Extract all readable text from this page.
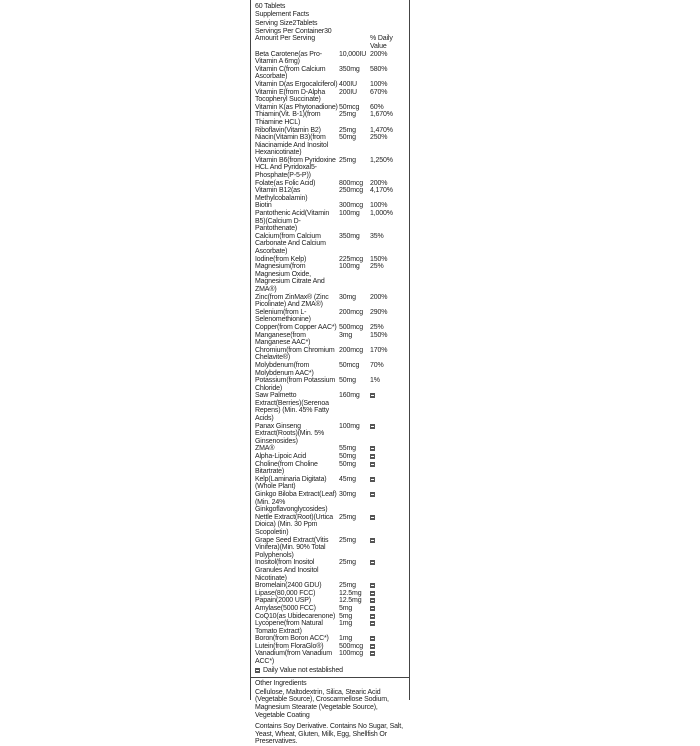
60 Tablets
Supplement Facts
Serving Size2Tablets
Servings Per Container30
Amount Per Serving	% Daily Value
Beta Carotene(as Pro-Vitamin A 6mg)
10,000IU 200%
Vitamin C(from Calcium Ascorbate)
350mg	580%
Vitamin D(as Ergocalciferol) 400IU	100%
Vitamin E(from D-Alpha Tocopheryl Succinate)
200IU	670%
Vitamin K(as Phytonadione) 50mcg	60%
Thiamin(Vit. B-1)(from Thiamine HCL)
25mg	1,670%
Riboflavin(Vitamin B2)	25mg	1,470%
Niacin(Vitamin B3)(from Niacinamide And Inositol Hexanicotinate)
50mg	250%
Vitamin B6(from Pyridoxine HCL And Pyridoxal5-Phosphate(P-5-P))
25mg	1,250%
Folate(as Folic Acid)	800mcg 200%
Vitamin B12(as Methylcobalamin)
250mcg 4,170%
Biotin	300mcg 100%
Pantothenic Acid(Vitamin B5)(Calcium D-Pantothenate)
100mg	1,000%
Calcium(from Calcium Carbonate And Calcium Ascorbate)
350mg	35%
Iodine(from Kelp)	225mcg 150%
Magnesium(from Magnesium Oxide, Magnesium Citrate And ZMA®)
100mg	25%
Zinc(from ZinMax® (Zinc Picolinate) And ZMA®)
30mg	200%
Selenium(from L-Selenomethionine)
200mcg 290%
Copper(from Copper AAC*) 500mcg 25%
Manganese(from Manganese AAC*)
3mg	150%
Chromium(from Chromium Chelavite®)
200mcg 170%
Molybdenum(from Molybdenum AAC*)
50mcg	70%
Potassium(from Potassium Chloride)
50mg	1%
Saw Palmetto Extract(Berries)(Serenoa Repens) (Min. 45% Fatty Acids)
160mg
Panax Ginseng Extract(Roots)(Min. 5% Ginsenosides)
100mg
ZMA®	55mg
Alpha-Lipoic Acid	50mg
Choline(from Choline Bitartrate)
50mg
Kelp(Laminaria Digitata)(Whole Plant)
45mg
Ginkgo Biloba Extract(Leaf)(Min. 24% Ginkgoflavonglycosides)
30mg
Nettle Extract(Root)(Urtica Dioica) (Min. 30 Ppm Scopoletin)
25mg
Grape Seed Extract(Vitis Vinifera)(Min. 90% Total Polyphenols)
25mg
Inositol(from Inositol Granules And Inositol Nicotinate)
25mg
Bromelain(2400 GDU)	25mg
Lipase(80,000 FCC)	12.5mg
Papain(2000 USP)	12.5mg
Amylase(5000 FCC)	5mg
CoQ10(as Ubidecarenone) 5mg
Lycopene(from Natural Tomato Extract)
1mg
Boron(from Boron ACC*)	1mg
Lutein(from FloraGlo®)	500mcg
Vanadium(from Vanadium ACC*)
100mcg
Daily Value not established
Other Ingredients
Cellulose, Maltodextrin, Silica, Stearic Acid (Vegetable Source), Croscarmellose Sodium, Magnesium Stearate (Vegetable Source), Vegetable Coating
Contains Soy Derivative. Contains No Sugar, Salt, Yeast, Wheat, Gluten, Milk, Egg, Shellfish Or Preservatives.
